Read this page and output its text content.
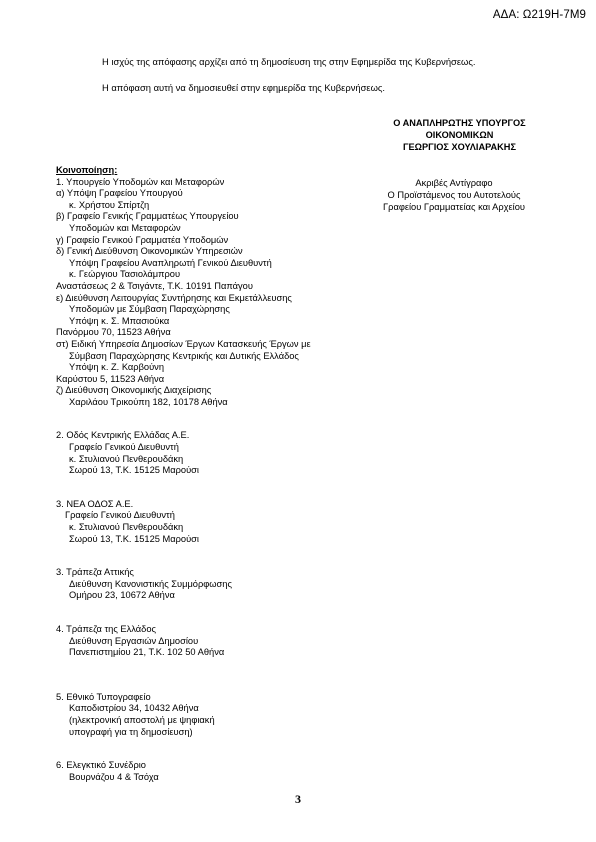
ΑΔΑ: Ω219Η-7Μ9
Η ισχύς της απόφασης αρχίζει από τη δημοσίευση της στην Εφημερίδα της Κυβερνήσεως.
Η απόφαση αυτή να δημοσιευθεί στην εφημερίδα της Κυβερνήσεως.
Ο ΑΝΑΠΛΗΡΩΤΗΣ ΥΠΟΥΡΓΟΣ
ΟΙΚΟΝΟΜΙΚΩΝ
ΓΕΩΡΓΙΟΣ ΧΟΥΛΙΑΡΑΚΗΣ
Ακριβές Αντίγραφο
Ο Προϊστάμενος του Αυτοτελούς
Γραφείου Γραμματείας και Αρχείου
Κοινοποίηση:
1. Υπουργείο Υποδομών και Μεταφορών
α) Υπόψη Γραφείου Υπουργού
κ. Χρήστου Σπίρτζη
β) Γραφείο Γενικής Γραμματέως Υπουργείου
Υποδομών και Μεταφορών
γ) Γραφείο Γενικού Γραμματέα Υποδομών
δ) Γενική Διεύθυνση Οικονομικών Υπηρεσιών
Υπόψη Γραφείου Αναπληρωτή Γενικού Διευθυντή
κ. Γεώργιου Τασιολάμπρου
Αναστάσεως 2 & Τσιγάντε, Τ.Κ. 10191 Παπάγου
ε) Διεύθυνση Λειτουργίας Συντήρησης και Εκμετάλλευσης
Υποδομών με Σύμβαση Παραχώρησης
Υπόψη κ. Σ. Μπασιούκα
Πανόρμου 70, 11523 Αθήνα
στ) Ειδική Υπηρεσία Δημοσίων Έργων Κατασκευής Έργων με
Σύμβαση Παραχώρησης Κεντρικής και Δυτικής Ελλάδος
Υπόψη κ. Ζ. Καρβούνη
Καρύστου 5, 11523 Αθήνα
ζ) Διεύθυνση Οικονομικής Διαχείρισης
Χαριλάου Τρικούπη 182, 10178 Αθήνα
2. Οδός Κεντρικής Ελλάδας Α.Ε.
Γραφείο Γενικού Διευθυντή
κ. Στυλιανού Πενθερουδάκη
Σωρού 13, Τ.Κ. 15125 Μαρούσι
3. ΝΕΑ ΟΔΟΣ Α.Ε.
Γραφείο Γενικού Διευθυντή
κ. Στυλιανού Πενθερουδάκη
Σωρού 13, Τ.Κ. 15125 Μαρούσι
3. Τράπεζα Αττικής
Διεύθυνση Κανονιστικής Συμμόρφωσης
Ομήρου 23, 10672 Αθήνα
4. Τράπεζα της Ελλάδος
Διεύθυνση Εργασιών Δημοσίου
Πανεπιστημίου 21, Τ.Κ. 102 50 Αθήνα
5. Εθνικό Τυπογραφείο
Καποδιστρίου 34, 10432 Αθήνα
(ηλεκτρονική αποστολή με ψηφιακή
υπογραφή για τη δημοσίευση)
6. Ελεγκτικό Συνέδριο
Βουρνάζου 4 & Τσόχα
3
